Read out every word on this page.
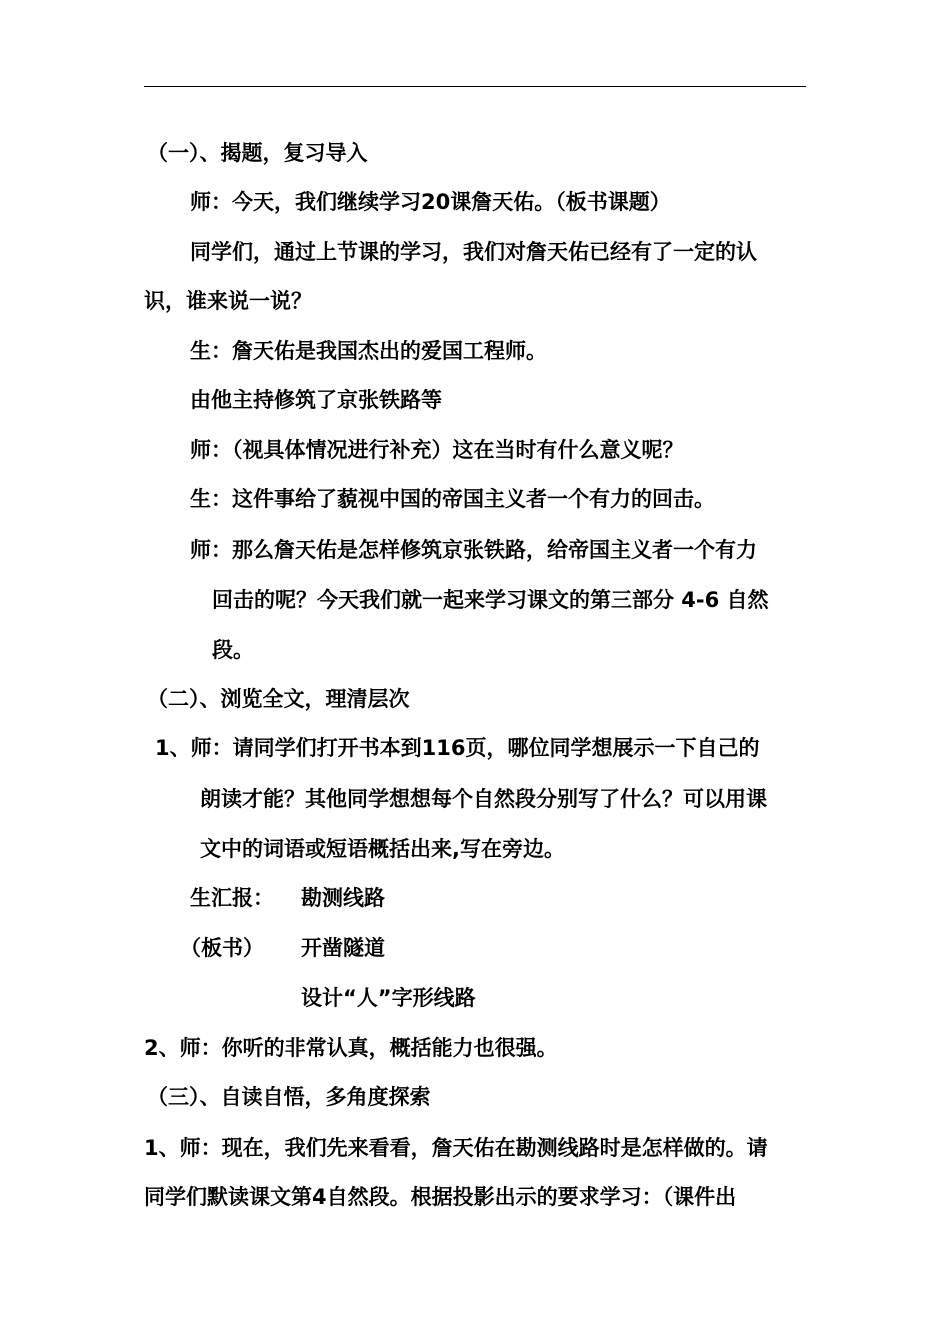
（一）、揭题，复习导入
师：今天，我们继续学习20课詹天佑。（板书课题）
同学们，通过上节课的学习，我们对詹天佑已经有了一定的认
识，谁来说一说？
生：詹天佑是我国杰出的爱国工程师。
由他主持修筑了京张铁路等
师：（视具体情况进行补充）这在当时有什么意义呢？
生：这件事给了藐视中国的帝国主义者一个有力的回击。
师：那么詹天佑是怎样修筑京张铁路，给帝国主义者一个有力
回击的呢？今天我们就一起来学习课文的第三部分 4-6 自然
段。
（二）、浏览全文，理清层次
1、师：请同学们打开书本到116页，哪位同学想展示一下自己的
朗读才能？其他同学想想每个自然段分别写了什么？可以用课
文中的词语或短语概括出来,写在旁边。
生汇报： 勘测线路
（板书） 开凿隧道
设计“人”字形线路
2、师：你听的非常认真，概括能力也很强。
（三）、自读自悟，多角度探索
1、师：现在，我们先来看看，詹天佑在勘测线路时是怎样做的。请
同学们默读课文第4自然段。根据投影出示的要求学习：（课件出
